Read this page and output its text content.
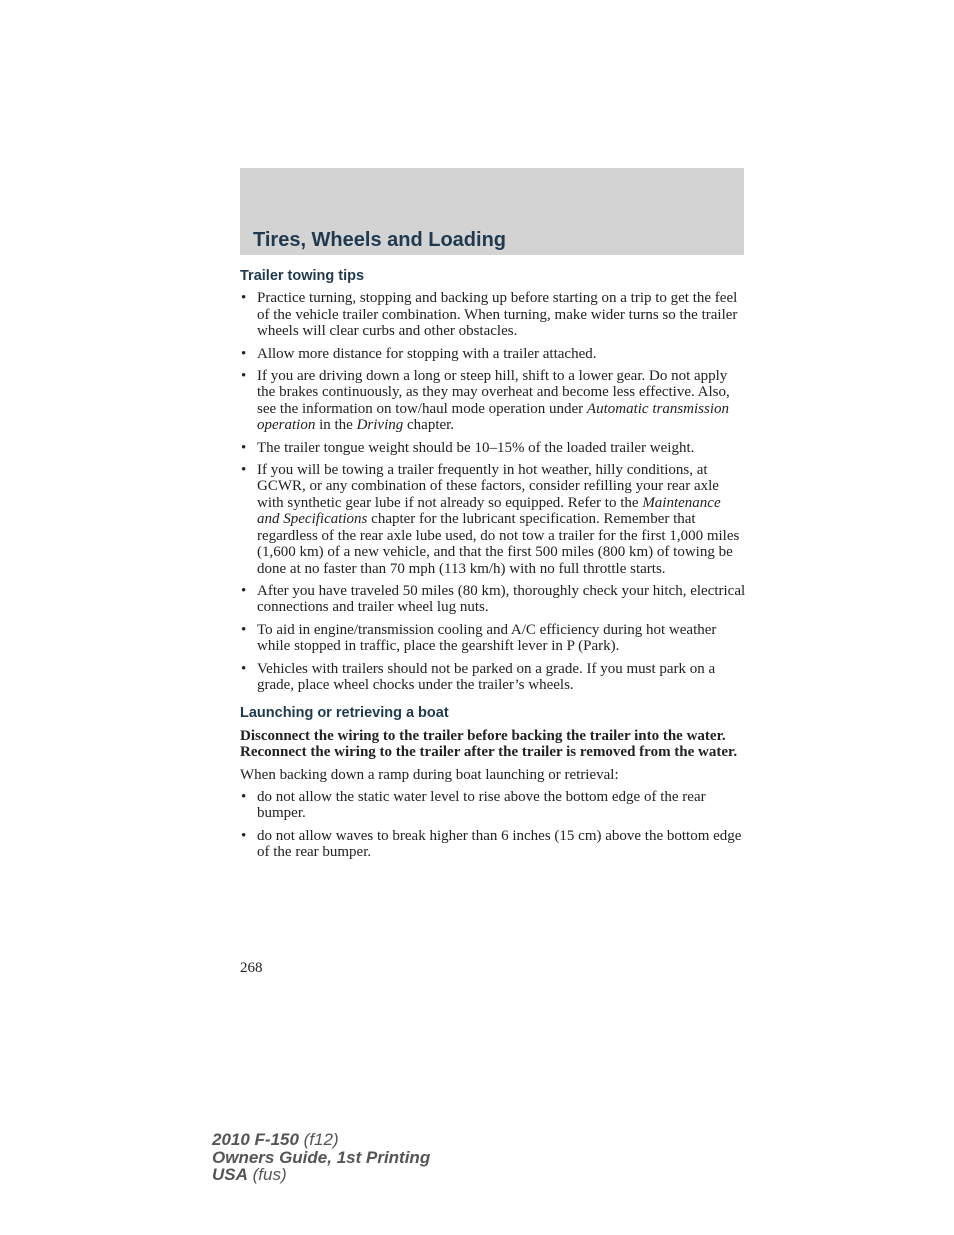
Tires, Wheels and Loading
Trailer towing tips
• Practice turning, stopping and backing up before starting on a trip to get the feel of the vehicle trailer combination. When turning, make wider turns so the trailer wheels will clear curbs and other obstacles.
• Allow more distance for stopping with a trailer attached.
• If you are driving down a long or steep hill, shift to a lower gear. Do not apply the brakes continuously, as they may overheat and become less effective. Also, see the information on tow/haul mode operation under Automatic transmission operation in the Driving chapter.
• The trailer tongue weight should be 10–15% of the loaded trailer weight.
• If you will be towing a trailer frequently in hot weather, hilly conditions, at GCWR, or any combination of these factors, consider refilling your rear axle with synthetic gear lube if not already so equipped. Refer to the Maintenance and Specifications chapter for the lubricant specification. Remember that regardless of the rear axle lube used, do not tow a trailer for the first 1,000 miles (1,600 km) of a new vehicle, and that the first 500 miles (800 km) of towing be done at no faster than 70 mph (113 km/h) with no full throttle starts.
• After you have traveled 50 miles (80 km), thoroughly check your hitch, electrical connections and trailer wheel lug nuts.
• To aid in engine/transmission cooling and A/C efficiency during hot weather while stopped in traffic, place the gearshift lever in P (Park).
• Vehicles with trailers should not be parked on a grade. If you must park on a grade, place wheel chocks under the trailer’s wheels.
Launching or retrieving a boat

Disconnect the wiring to the trailer before backing the trailer into the water. Reconnect the wiring to the trailer after the trailer is removed from the water.

When backing down a ramp during boat launching or retrieval:

• do not allow the static water level to rise above the bottom edge of the rear bumper.
• do not allow waves to break higher than 6 inches (15 cm) above the bottom edge of the rear bumper.
268
2010 F-150 (f12)
Owners Guide, 1st Printing
USA (fus)
